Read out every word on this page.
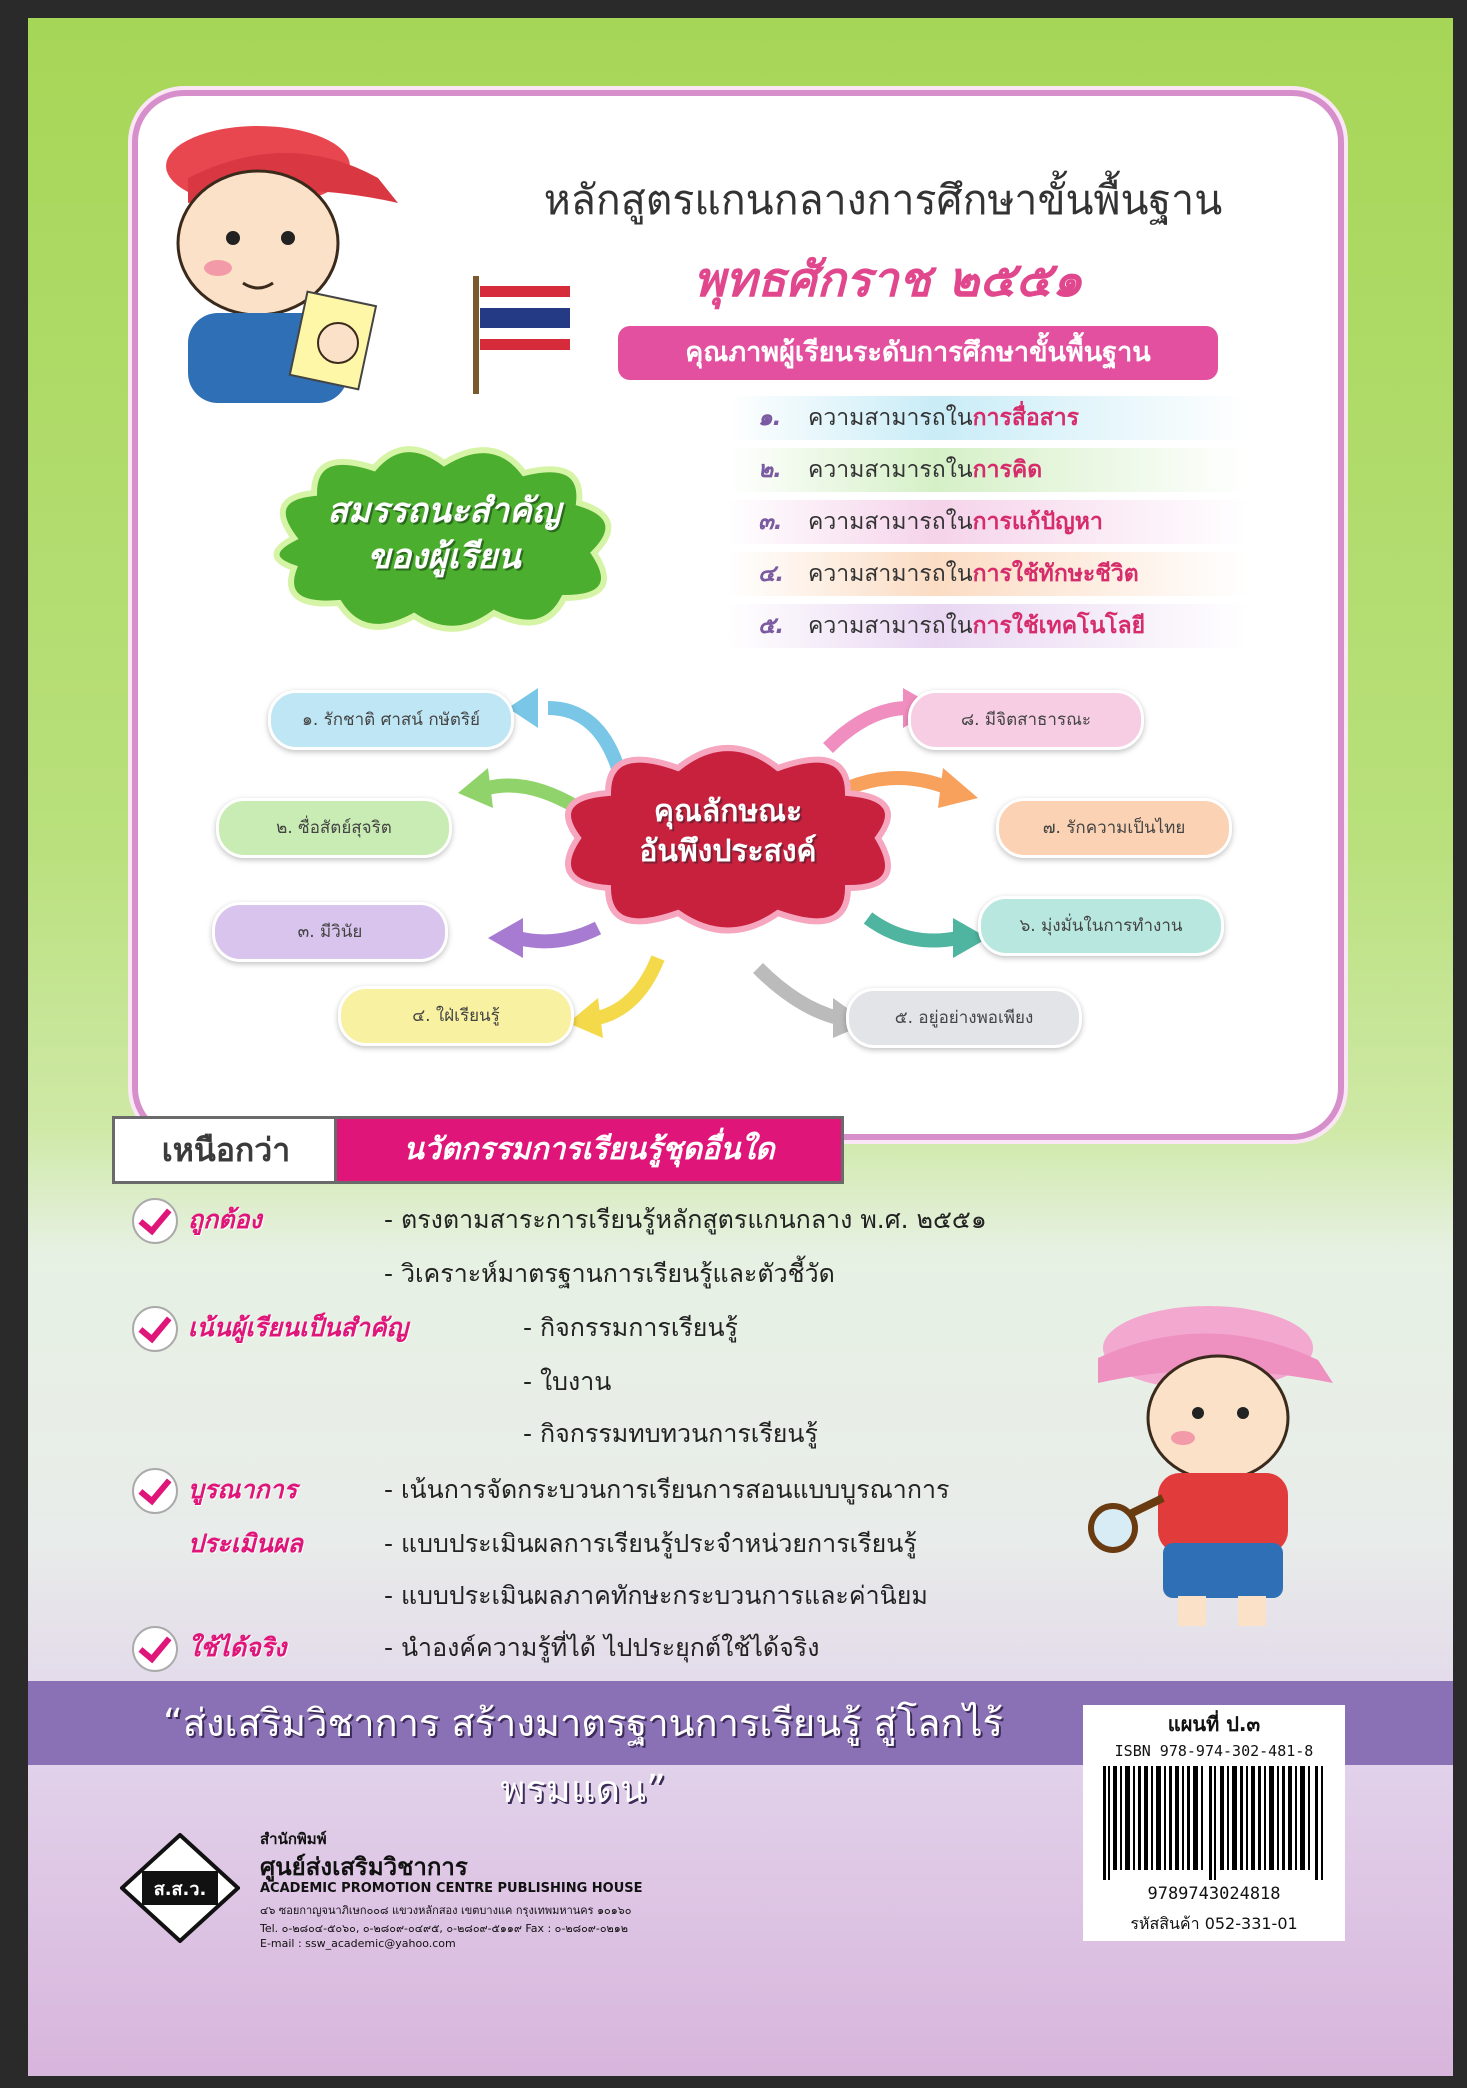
หลักสูตรแกนกลางการศึกษาขั้นพื้นฐาน
พุทธศักราช ๒๕๕๑
คุณภาพผู้เรียนระดับการศึกษาขั้นพื้นฐาน
๑. ความสามารถในการสื่อสาร
๒. ความสามารถในการคิด
๓. ความสามารถในการแก้ปัญหา
๔. ความสามารถในการใช้ทักษะชีวิต
๕. ความสามารถในการใช้เทคโนโลยี
สมรรถนะสำคัญ
ของผู้เรียน
คุณลักษณะ
อันพึงประสงค์
๑. รักชาติ ศาสน์ กษัตริย์
๒. ซื่อสัตย์สุจริต
๓. มีวินัย
๔. ใฝ่เรียนรู้	๕. อยู่อย่างพอเพียง
๖. มุ่งมั่นในการทำงาน
๗. รักความเป็นไทย
๘. มีจิตสาธารณะ
เหนือกว่า	นวัตกรรมการเรียนรู้ชุดอื่นใด
ถูกต้อง	- ตรงตามสาระการเรียนรู้หลักสูตรแกนกลาง พ.ศ. ๒๕๕๑
- วิเคราะห์มาตรฐานการเรียนรู้และตัวชี้วัด
เน้นผู้เรียนเป็นสำคัญ	- กิจกรรมการเรียนรู้
- ใบงาน
- กิจกรรมทบทวนการเรียนรู้
บูรณาการ	- เน้นการจัดกระบวนการเรียนการสอนแบบบูรณาการ
ประเมินผล	- แบบประเมินผลการเรียนรู้ประจำหน่วยการเรียนรู้
- แบบประเมินผลภาคทักษะกระบวนการและค่านิยม
ใช้ได้จริง	- นำองค์ความรู้ที่ได้ ไปประยุกต์ใช้ได้จริง
“ส่งเสริมวิชาการ สร้างมาตรฐานการเรียนรู้ สู่โลกไร้พรมแดน”
แผนที่ ป.๓
ISBN 978-974-302-481-8
9789743024818
รหัสสินค้า 052-331-01
ส.ส.ว.
สำนักพิมพ์
ศูนย์ส่งเสริมวิชาการ
ACADEMIC PROMOTION CENTRE PUBLISHING HOUSE
๔๖ ซอยกาญจนาภิเษก๐๐๘ แขวงหลักสอง เขตบางแค กรุงเทพมหานคร ๑๐๑๖๐
Tel. ๐-๒๘๐๔-๕๐๖๐, ๐-๒๘๐๙-๐๔๙๕, ๐-๒๘๐๙-๕๑๑๙ Fax : ๐-๒๘๐๙-๐๒๑๒
E-mail : ssw_academic@yahoo.com
